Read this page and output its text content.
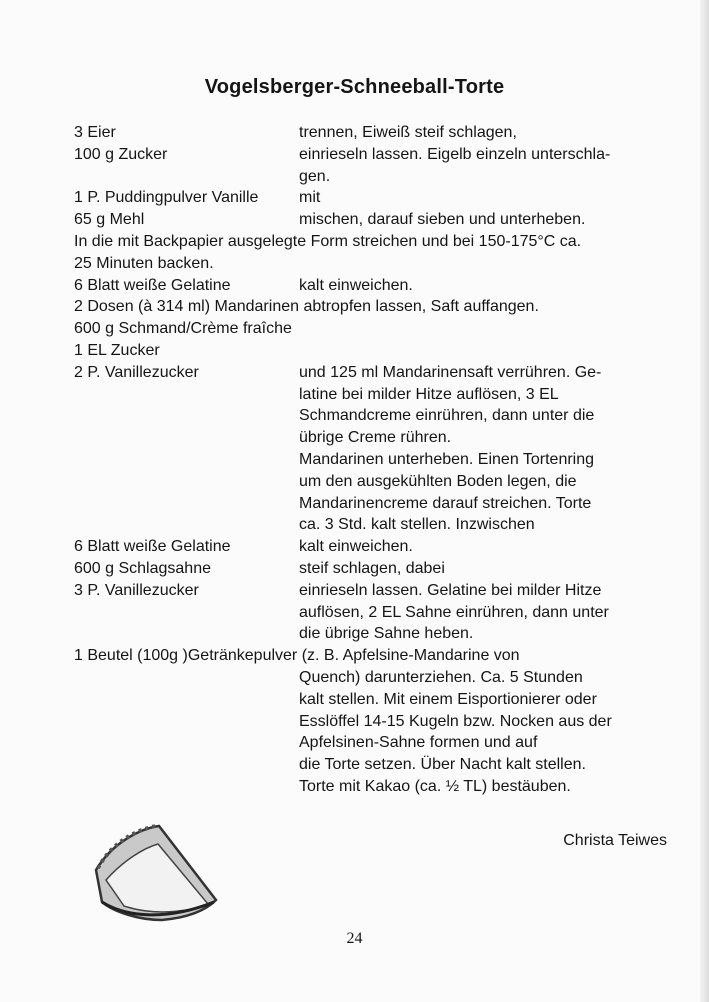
Vogelsberger-Schneeball-Torte
3 Eier	trennen, Eiweiß steif schlagen,
100 g Zucker	einrieseln lassen. Eigelb einzeln unterschla-
gen.
1 P. Puddingpulver Vanille	mit
65 g Mehl	mischen, darauf sieben und unterheben.
In die mit Backpapier ausgelegte Form streichen und bei 150-175°C ca.
25 Minuten backen.
6 Blatt weiße Gelatine	kalt einweichen.
2 Dosen (à 314 ml) Mandarinen abtropfen lassen, Saft auffangen.
600 g Schmand/Crème fraîche
1 EL Zucker
2 P. Vanillezucker	und 125 ml Mandarinensaft verrühren. Ge-
latine bei milder Hitze auflösen, 3 EL
Schmandcreme einrühren, dann unter die
übrige Creme rühren.
Mandarinen unterheben. Einen Tortenring
um den ausgekühlten Boden legen, die
Mandarinencreme darauf streichen. Torte
ca. 3 Std. kalt stellen. Inzwischen
6 Blatt weiße Gelatine	kalt einweichen.
600 g Schlagsahne	steif schlagen, dabei
3 P. Vanillezucker	einrieseln lassen. Gelatine bei milder Hitze
auflösen, 2 EL Sahne einrühren, dann unter
die übrige Sahne heben.
1 Beutel (100g )Getränkepulver (z. B. Apfelsine-Mandarine von
Quench) darunterziehen. Ca. 5 Stunden
kalt stellen. Mit einem Eisportionierer oder
Esslöffel 14-15 Kugeln bzw. Nocken aus der
Apfelsinen-Sahne formen und auf
die Torte setzen. Über Nacht kalt stellen.
Torte mit Kakao (ca. ½ TL) bestäuben.
Christa Teiwes
24
